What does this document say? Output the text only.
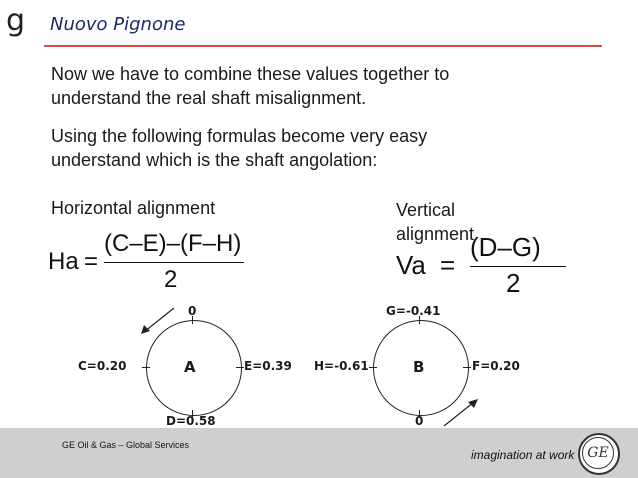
g Nuovo Pignone
Now we have to combine these values together to
understand the real shaft misalignment.
Using the following formulas become very easy
understand which is the shaft angolation:
Horizontal alignment
Ha =
(C–E)–(F–H)
2
Vertical alignment
Va =
(D–G)
2
0
C=0.20	E=0.39
D=0.58
A
G=-0.41
H=-0.61	F=0.20
0
B
GE Oil & Gas – Global Services
imagination at work GE
